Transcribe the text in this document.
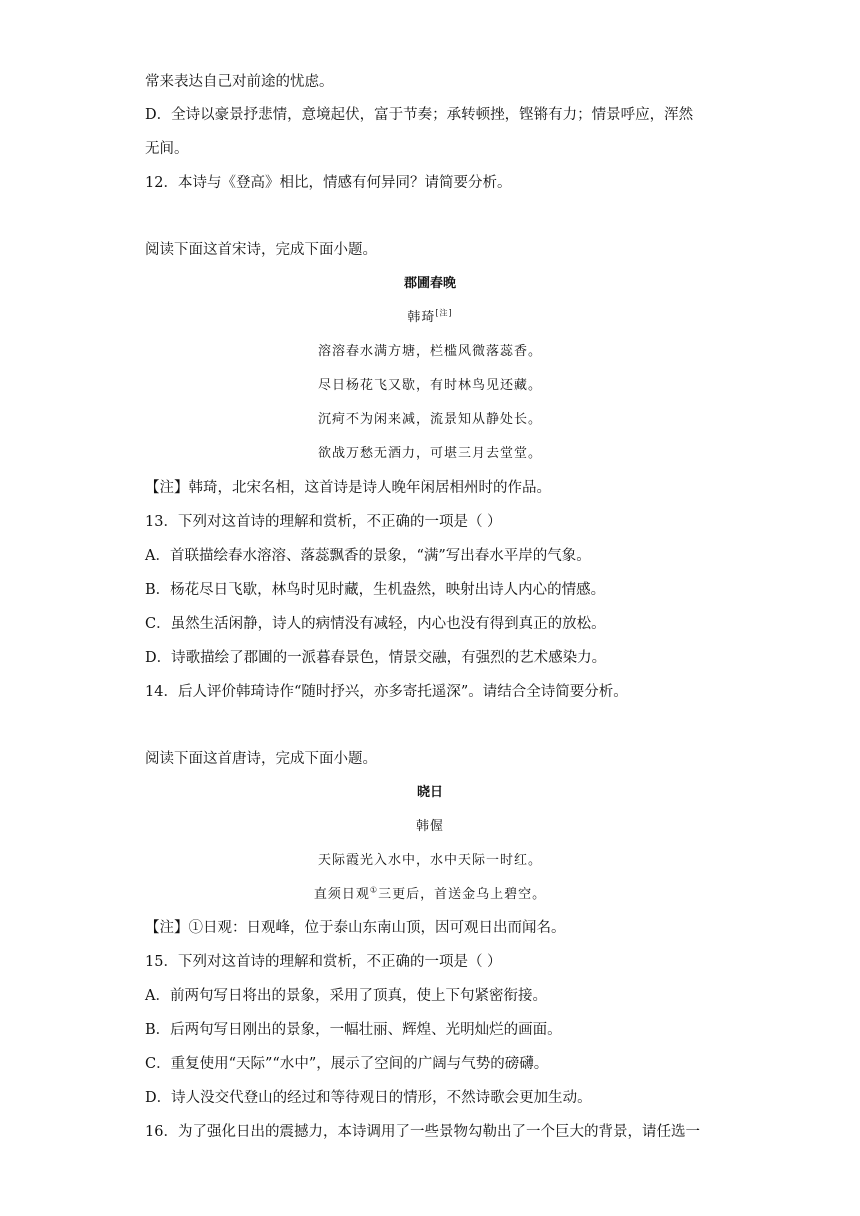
常来表达自己对前途的忧虑。
D．全诗以豪景抒悲情，意境起伏，富于节奏；承转顿挫，铿锵有力；情景呼应，浑然
无间。
12．本诗与《登高》相比，情感有何异同？请简要分析。
阅读下面这首宋诗，完成下面小题。
郡圃春晚
韩琦[注]
溶溶春水满方塘，栏槛风微落蕊香。
尽日杨花飞又歇，有时林鸟见还藏。
沉疴不为闲来减，流景知从静处长。
欲战万愁无酒力，可堪三月去堂堂。
【注】韩琦，北宋名相，这首诗是诗人晚年闲居相州时的作品。
13．下列对这首诗的理解和赏析，不正确的一项是（ ）
A．首联描绘春水溶溶、落蕊飘香的景象，“满”写出春水平岸的气象。
B．杨花尽日飞歇，林鸟时见时藏，生机盎然，映射出诗人内心的情感。
C．虽然生活闲静，诗人的病情没有减轻，内心也没有得到真正的放松。
D．诗歌描绘了郡圃的一派暮春景色，情景交融，有强烈的艺术感染力。
14．后人评价韩琦诗作“随时抒兴，亦多寄托遥深”。请结合全诗简要分析。
阅读下面这首唐诗，完成下面小题。
晓日
韩偓
天际霞光入水中，水中天际一时红。
直须日观①三更后，首送金乌上碧空。
【注】①日观：日观峰，位于泰山东南山顶，因可观日出而闻名。
15．下列对这首诗的理解和赏析，不正确的一项是（ ）
A．前两句写日将出的景象，采用了顶真，使上下句紧密衔接。
B．后两句写日刚出的景象，一幅壮丽、辉煌、光明灿烂的画面。
C．重复使用“天际”“水中”，展示了空间的广阔与气势的磅礴。
D．诗人没交代登山的经过和等待观日的情形，不然诗歌会更加生动。
16．为了强化日出的震撼力，本诗调用了一些景物勾勒出了一个巨大的背景，请任选一
